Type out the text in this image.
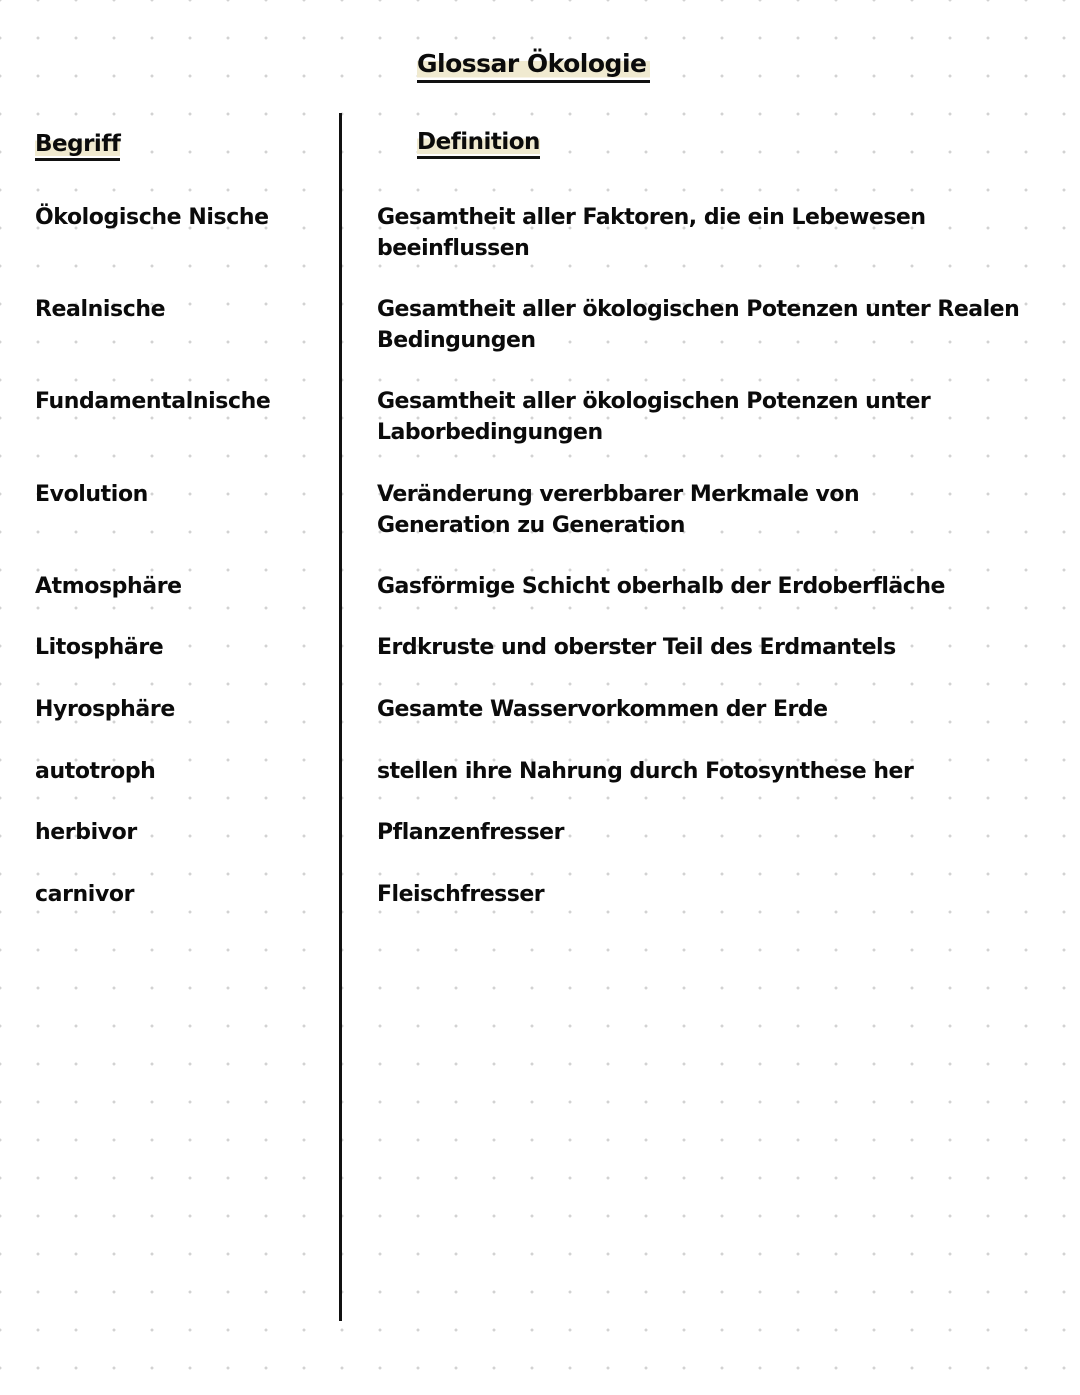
Glossar Ökologie
Begriff	Definition
Ökologische Nische	Gesamtheit aller Faktoren, die ein Lebewesen beeinflussen
Realnische	Gesamtheit aller ökologischen Potenzen unter Realen Bedingungen
Fundamentalnische	Gesamtheit aller ökologischen Potenzen unter Laborbedingungen
Evolution	Veränderung vererbbarer Merkmale von Generation zu Generation
Atmosphäre	Gasförmige Schicht oberhalb der Erdoberfläche
Litosphäre	Erdkruste und oberster Teil des Erdmantels
Hyrosphäre	Gesamte Wasservorkommen der Erde
autotroph	stellen ihre Nahrung durch Fotosynthese her
herbivor	Pflanzenfresser
carnivor	Fleischfresser
